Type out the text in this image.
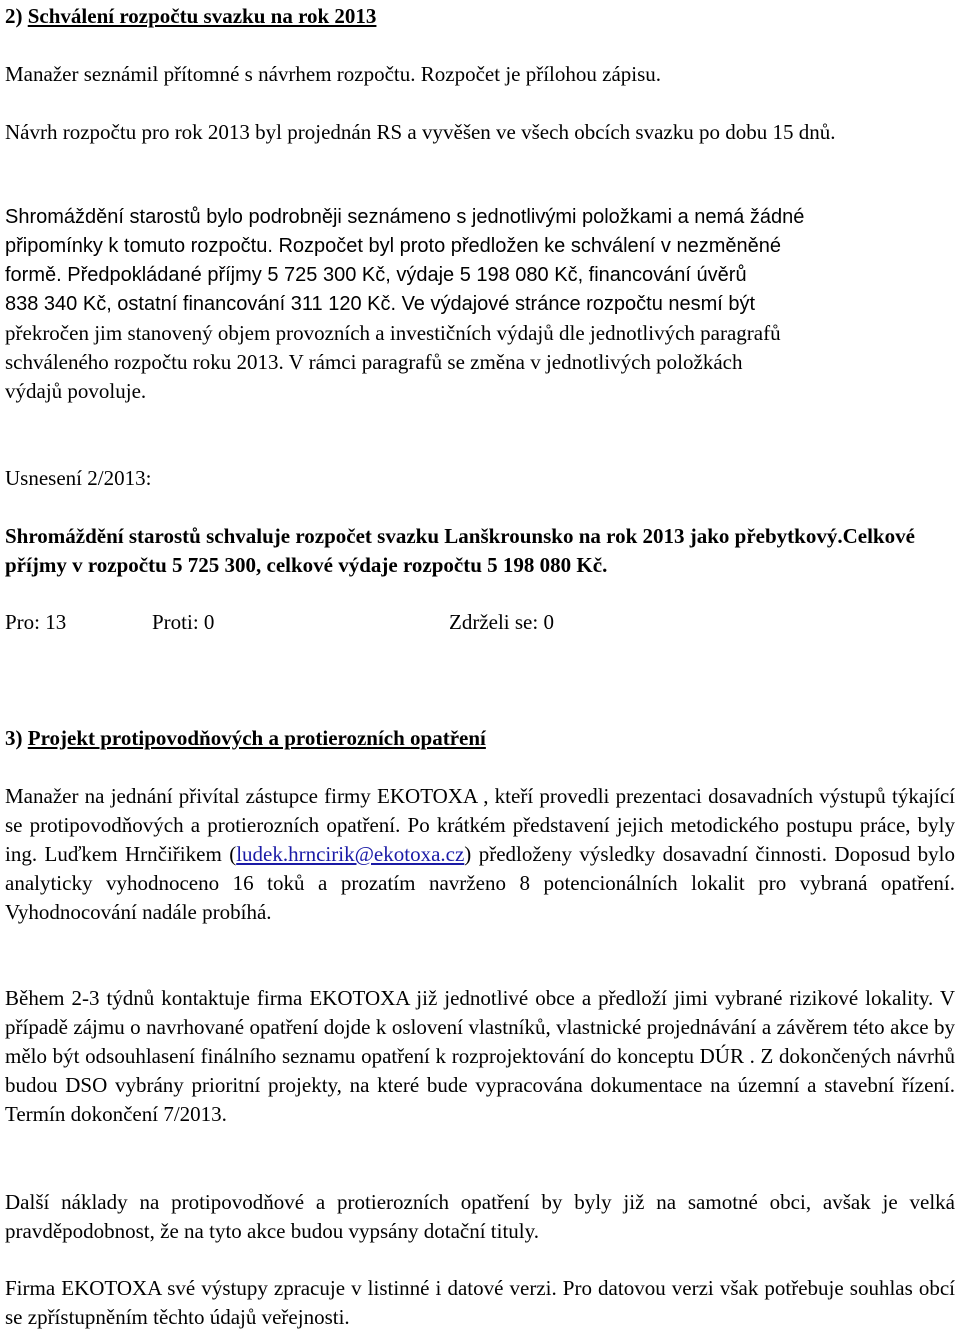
2) Schválení rozpočtu svazku na rok 2013

Manažer seznámil přítomné s návrhem rozpočtu. Rozpočet je přílohou zápisu.

Návrh rozpočtu pro rok 2013 byl projednán RS a vyvěšen ve všech obcích svazku po dobu 15 dnů.

Shromáždění starostů bylo podrobněji seznámeno s jednotlivými položkami a nemá žádné
připomínky k tomuto rozpočtu. Rozpočet byl proto předložen ke schválení v nezměněné
formě. Předpokládané příjmy 5 725 300 Kč, výdaje 5 198 080 Kč, financování úvěrů
838 340 Kč, ostatní financování 311 120 Kč. Ve výdajové stránce rozpočtu nesmí být
překročen jim stanovený objem provozních a investičních výdajů dle jednotlivých paragrafů
schváleného rozpočtu roku 2013. V rámci paragrafů se změna v jednotlivých položkách
výdajů povoluje.

Usnesení 2/2013:

Shromáždění starostů schvaluje rozpočet svazku Lanškrounsko na rok 2013 jako přebytkový.Celkové příjmy v rozpočtu 5 725 300, celkové výdaje rozpočtu 5 198 080 Kč.

Pro: 13	Proti: 0	Zdrželi se: 0
3) Projekt protipovodňových a protierozních opatření

Manažer na jednání přivítal zástupce firmy EKOTOXA , kteří provedli prezentaci dosavadních výstupů týkající se protipovodňových a protierozních opatření. Po krátkém představení jejich metodického postupu práce, byly ing. Luďkem Hrnčiřikem (ludek.hrncirik@ekotoxa.cz) předloženy výsledky dosavadní činnosti. Doposud bylo analyticky vyhodnoceno 16 toků a prozatím navrženo 8 potencionálních lokalit pro vybraná opatření. Vyhodnocování nadále probíhá.

Během 2-3 týdnů kontaktuje firma EKOTOXA již jednotlivé obce a předloží jimi vybrané rizikové lokality. V případě zájmu o navrhované opatření dojde k oslovení vlastníků, vlastnické projednávání a závěrem této akce by mělo být odsouhlasení finálního seznamu opatření k rozprojektování do konceptu DÚR . Z dokončených návrhů budou DSO vybrány prioritní projekty, na které bude vypracována dokumentace na územní a stavební řízení. Termín dokončení 7/2013.

Další náklady na protipovodňové a protierozních opatření by byly již na samotné obci, avšak je velká pravděpodobnost, že na tyto akce budou vypsány dotační tituly.

Firma EKOTOXA své výstupy zpracuje v listinné i datové verzi. Pro datovou verzi však potřebuje souhlas obcí se zpřístupněním těchto údajů veřejnosti.
